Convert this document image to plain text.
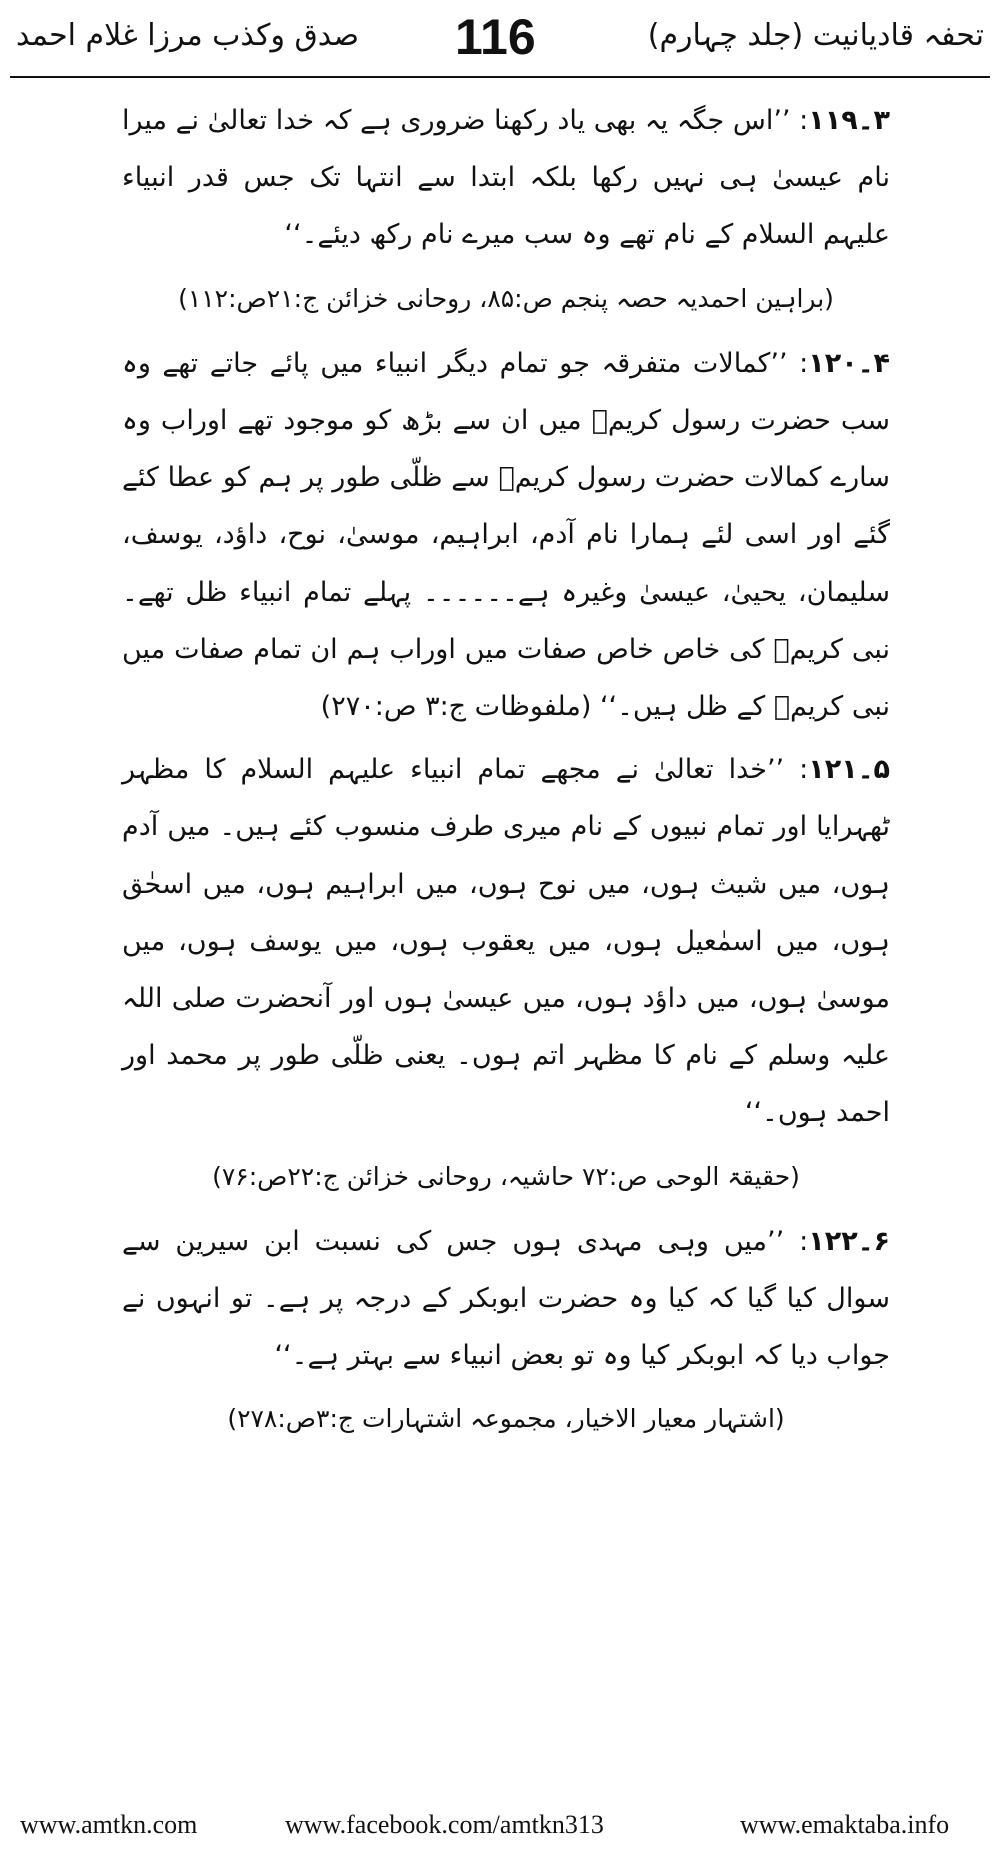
تحفہ قادیانیت (جلد چہارم)
116
صدق وکذب مرزا غلام احمد

۳۔۱۱۹: ’’اس جگہ یہ بھی یاد رکھنا ضروری ہے کہ خدا تعالیٰ نے میرا نام عیسیٰ ہی نہیں رکھا بلکہ ابتدا سے انتہا تک جس قدر انبیاء علیہم السلام کے نام تھے وہ سب میرے نام رکھ دیئے۔‘‘

(براہین احمدیہ حصہ پنجم ص:۸۵، روحانی خزائن ج:۲۱ص:۱۱۲)

۴۔۱۲۰: ’’کمالات متفرقہ جو تمام دیگر انبیاء میں پائے جاتے تھے وہ سب حضرت رسول کریمؐ میں ان سے بڑھ کو موجود تھے اوراب وہ سارے کمالات حضرت رسول کریمؐ سے ظلّی طور پر ہم کو عطا کئے گئے اور اسی لئے ہمارا نام آدم، ابراہیم، موسیٰ، نوح، داؤد، یوسف، سلیمان، یحییٰ، عیسیٰ وغیرہ ہے۔۔۔۔۔۔ پہلے تمام انبیاء ظل تھے۔ نبی کریمؐ کی خاص خاص صفات میں اوراب ہم ان تمام صفات میں نبی کریمؐ کے ظل ہیں۔‘‘ (ملفوظات ج:۳ ص:۲۷۰)

۵۔۱۲۱: ’’خدا تعالیٰ نے مجھے تمام انبیاء علیہم السلام کا مظہر ٹھہرایا اور تمام نبیوں کے نام میری طرف منسوب کئے ہیں۔ میں آدم ہوں، میں شیث ہوں، میں نوح ہوں، میں ابراہیم ہوں، میں اسحٰق ہوں، میں اسمٰعیل ہوں، میں یعقوب ہوں، میں یوسف ہوں، میں موسیٰ ہوں، میں داؤد ہوں، میں عیسیٰ ہوں اور آنحضرت صلی اللہ علیہ وسلم کے نام کا مظہر اتم ہوں۔ یعنی ظلّی طور پر محمد اور احمد ہوں۔‘‘

(حقیقۃ الوحی ص:۷۲ حاشیہ، روحانی خزائن ج:۲۲ص:۷۶)

۶۔۱۲۲: ’’میں وہی مہدی ہوں جس کی نسبت ابن سیرین سے سوال کیا گیا کہ کیا وہ حضرت ابوبکر کے درجہ پر ہے۔ تو انہوں نے جواب دیا کہ ابوبکر کیا وہ تو بعض انبیاء سے بہتر ہے۔‘‘

(اشتہار معیار الاخیار، مجموعہ اشتہارات ج:۳ص:۲۷۸)

www.amtkn.com	www.facebook.com/amtkn313	www.emaktaba.info
